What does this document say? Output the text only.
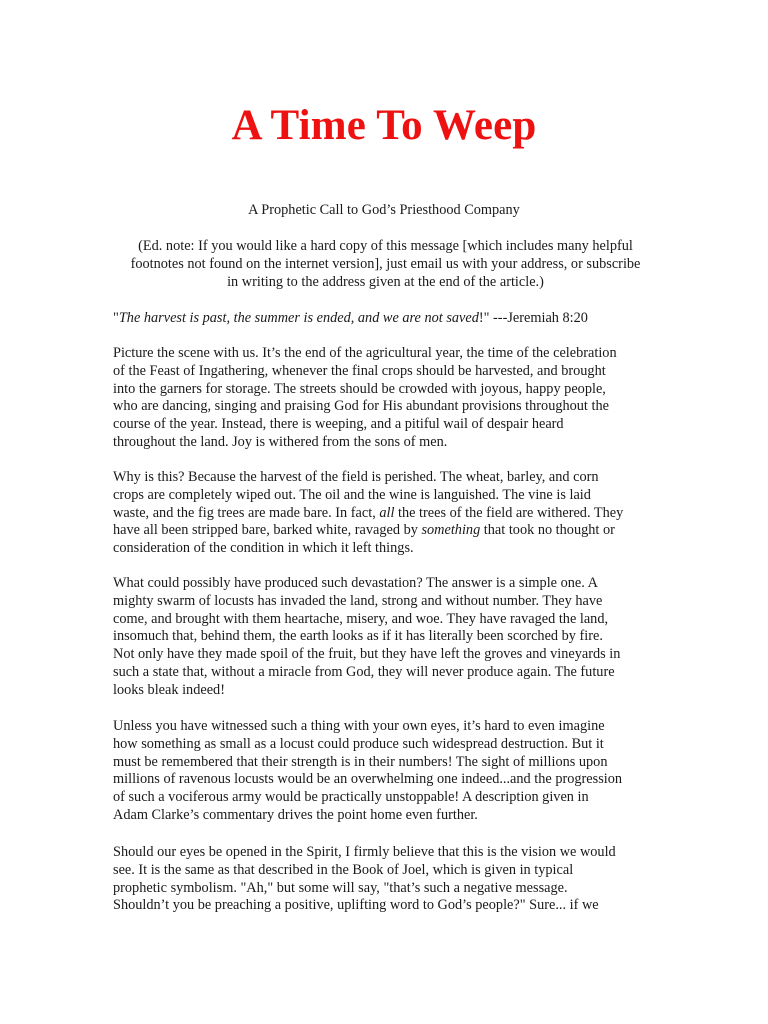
A Time To Weep
A Prophetic Call to God’s Priesthood Company
(Ed. note: If you would like a hard copy of this message [which includes many helpful
footnotes not found on the internet version], just email us with your address, or subscribe
in writing to the address given at the end of the article.)
"The harvest is past, the summer is ended, and we are not saved!" ---Jeremiah 8:20

Picture the scene with us. It’s the end of the agricultural year, the time of the celebration
of the Feast of Ingathering, whenever the final crops should be harvested, and brought
into the garners for storage. The streets should be crowded with joyous, happy people,
who are dancing, singing and praising God for His abundant provisions throughout the
course of the year. Instead, there is weeping, and a pitiful wail of despair heard
throughout the land. Joy is withered from the sons of men.

Why is this? Because the harvest of the field is perished. The wheat, barley, and corn
crops are completely wiped out. The oil and the wine is languished. The vine is laid
waste, and the fig trees are made bare. In fact, all the trees of the field are withered. They
have all been stripped bare, barked white, ravaged by something that took no thought or
consideration of the condition in which it left things.

What could possibly have produced such devastation? The answer is a simple one. A
mighty swarm of locusts has invaded the land, strong and without number. They have
come, and brought with them heartache, misery, and woe. They have ravaged the land,
insomuch that, behind them, the earth looks as if it has literally been scorched by fire.
Not only have they made spoil of the fruit, but they have left the groves and vineyards in
such a state that, without a miracle from God, they will never produce again. The future
looks bleak indeed!

Unless you have witnessed such a thing with your own eyes, it’s hard to even imagine
how something as small as a locust could produce such widespread destruction. But it
must be remembered that their strength is in their numbers! The sight of millions upon
millions of ravenous locusts would be an overwhelming one indeed...and the progression
of such a vociferous army would be practically unstoppable! A description given in
Adam Clarke’s commentary drives the point home even further.

Should our eyes be opened in the Spirit, I firmly believe that this is the vision we would
see. It is the same as that described in the Book of Joel, which is given in typical
prophetic symbolism. "Ah," but some will say, "that’s such a negative message.
Shouldn’t you be preaching a positive, uplifting word to God’s people?" Sure... if we
